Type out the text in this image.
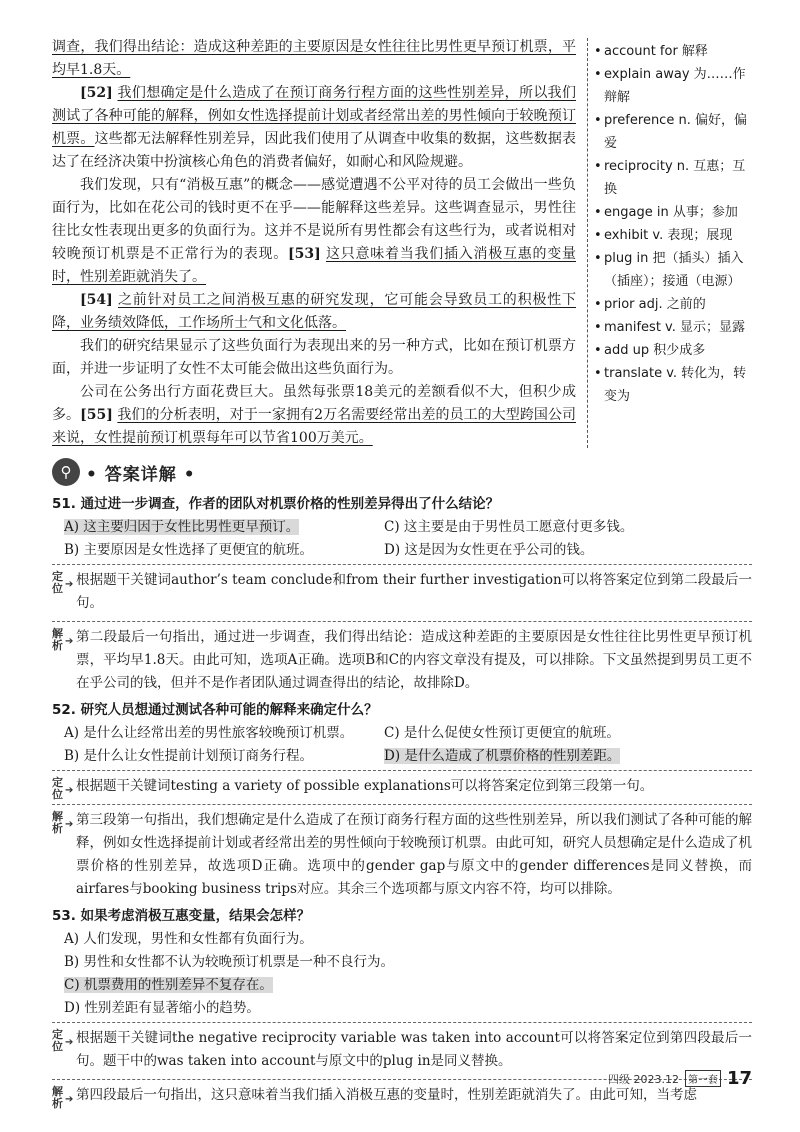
调查，我们得出结论：造成这种差距的主要原因是女性往往比男性更早预订机票，平均早1.8天。

[52] 我们想确定是什么造成了在预订商务行程方面的这些性别差异，所以我们测试了各种可能的解释，例如女性选择提前计划或者经常出差的男性倾向于较晚预订机票。这些都无法解释性别差异，因此我们使用了从调查中收集的数据，这些数据表达了在经济决策中扮演核心角色的消费者偏好，如耐心和风险规避。

我们发现，只有“消极互惠”的概念——感觉遭遇不公平对待的员工会做出一些负面行为，比如在花公司的钱时更不在乎——能解释这些差异。这些调查显示，男性往往比女性表现出更多的负面行为。这并不是说所有男性都会有这些行为，或者说相对较晚预订机票是不正常行为的表现。[53] 这只意味着当我们插入消极互惠的变量时，性别差距就消失了。

[54] 之前针对员工之间消极互惠的研究发现，它可能会导致员工的积极性下降，业务绩效降低，工作场所士气和文化低落。

我们的研究结果显示了这些负面行为表现出来的另一种方式，比如在预订机票方面，并进一步证明了女性不太可能会做出这些负面行为。

公司在公务出行方面花费巨大。虽然每张票18美元的差额看似不大，但积少成多。[55] 我们的分析表明，对于一家拥有2万名需要经常出差的员工的大型跨国公司来说，女性提前预订机票每年可以节省100万美元。

• account for 解释
• explain away 为……作辩解
• preference n. 偏好，偏爱
• reciprocity n. 互惠；互换
• engage in 从事；参加
• exhibit v. 表现；展现
• plug in 把（插头）插入（插座）；接通（电源）
• prior adj. 之前的
• manifest v. 显示；显露
• add up 积少成多
• translate v. 转化为，转变为
⚲ • 答案详解 •

51. 通过进一步调查，作者的团队对机票价格的性别差异得出了什么结论？

A) 这主要归因于女性比男性更早预订。	C) 这主要是由于男性员工愿意付更多钱。
B) 主要原因是女性选择了更便宜的航班。	D) 这是因为女性更在乎公司的钱。
定位 ➔ 根据题干关键词author’s team conclude和from their further investigation可以将答案定位到第二段最后一句。
解析 ➔ 第二段最后一句指出，通过进一步调查，我们得出结论：造成这种差距的主要原因是女性往往比男性更早预订机票，平均早1.8天。由此可知，选项A正确。选项B和C的内容文章没有提及，可以排除。下文虽然提到男员工更不在乎公司的钱，但并不是作者团队通过调查得出的结论，故排除D。

52. 研究人员想通过测试各种可能的解释来确定什么？

A) 是什么让经常出差的男性旅客较晚预订机票。	C) 是什么促使女性预订更便宜的航班。
B) 是什么让女性提前计划预订商务行程。	D) 是什么造成了机票价格的性别差距。
定位 ➔ 根据题干关键词testing a variety of possible explanations可以将答案定位到第三段第一句。
解析 ➔ 第三段第一句指出，我们想确定是什么造成了在预订商务行程方面的这些性别差异，所以我们测试了各种可能的解释，例如女性选择提前计划或者经常出差的男性倾向于较晚预订机票。由此可知，研究人员想确定是什么造成了机票价格的性别差异，故选项D正确。选项中的gender gap与原文中的gender differences是同义替换，而airfares与booking business trips对应。其余三个选项都与原文内容不符，均可以排除。

53. 如果考虑消极互惠变量，结果会怎样？

A) 人们发现，男性和女性都有负面行为。
B) 男性和女性都不认为较晚预订机票是一种不良行为。
C) 机票费用的性别差异不复存在。
D) 性别差距有显著缩小的趋势。
定位 ➔ 根据题干关键词the negative reciprocity variable was taken into account可以将答案定位到第四段最后一句。题干中的was taken into account与原文中的plug in是同义替换。
解析 ➔ 第四段最后一句指出，这只意味着当我们插入消极互惠的变量时，性别差距就消失了。由此可知，当考虑
四级 2023.12 第一套 17
